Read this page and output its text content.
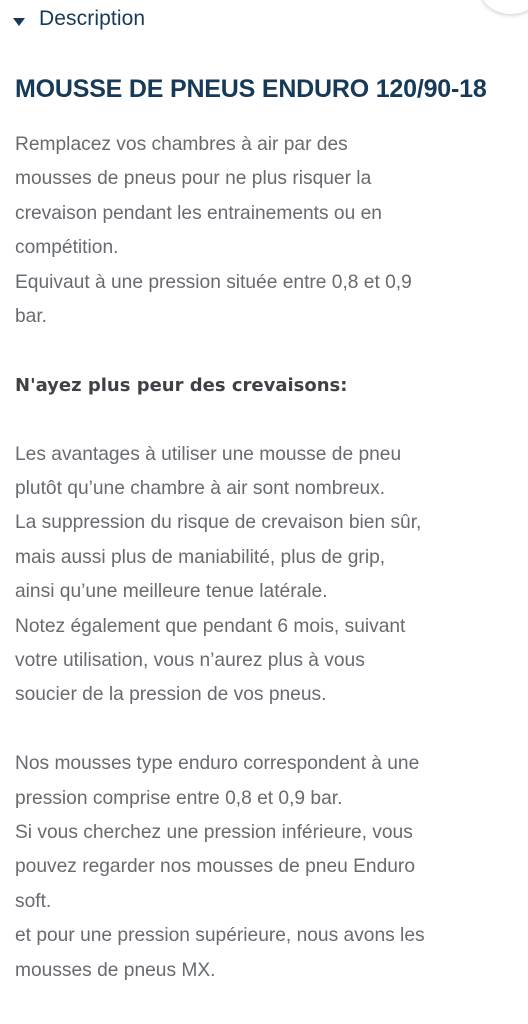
Description
MOUSSE DE PNEUS ENDURO 120/90-18

Remplacez vos chambres à air par des

mousses de pneus pour ne plus risquer la

crevaison pendant les entrainements ou en

compétition.

Equivaut à une pression située entre 0,8 et 0,9

bar.

N'ayez plus peur des crevaisons:

Les avantages à utiliser une mousse de pneu

plutôt qu’une chambre à air sont nombreux.

La suppression du risque de crevaison bien sûr,

mais aussi plus de maniabilité, plus de grip,

ainsi qu’une meilleure tenue latérale.

Notez également que pendant 6 mois, suivant

votre utilisation, vous n’aurez plus à vous

soucier de la pression de vos pneus.

Nos mousses type enduro correspondent à une

pression comprise entre 0,8 et 0,9 bar.

Si vous cherchez une pression inférieure, vous

pouvez regarder nos mousses de pneu Enduro

soft.

et pour une pression supérieure, nous avons les

mousses de pneus MX.
